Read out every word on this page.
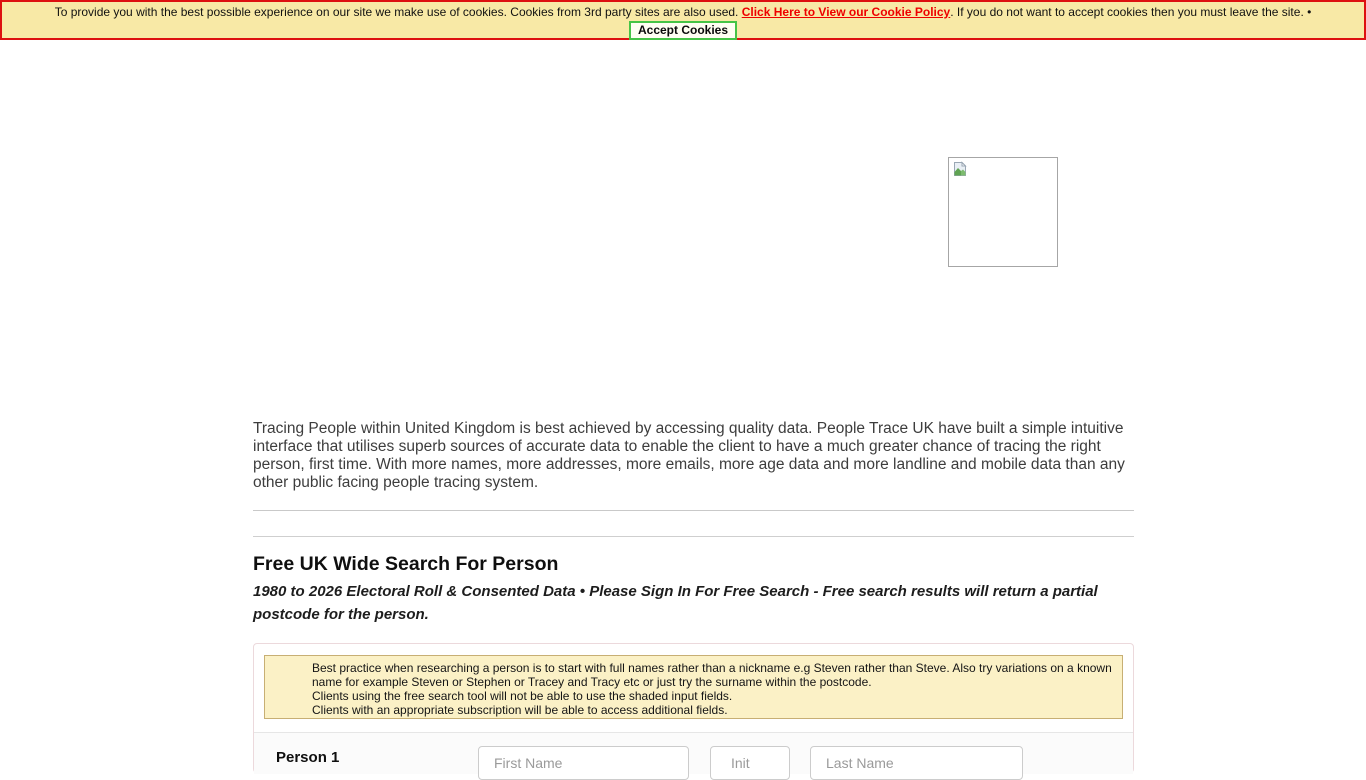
To provide you with the best possible experience on our site we make use of cookies. Cookies from 3rd party sites are also used. Click Here to View our Cookie Policy. If you do not want to accept cookies then you must leave the site. •
Accept Cookies
Tracing People within United Kingdom is best achieved by accessing quality data. People Trace UK have built a simple intuitive interface that utilises superb sources of accurate data to enable the client to have a much greater chance of tracing the right person, first time. With more names, more addresses, more emails, more age data and more landline and mobile data than any other public facing people tracing system.
Free UK Wide Search For Person
1980 to 2026 Electoral Roll & Consented Data • Please Sign In For Free Search - Free search results will return a partial postcode for the person.
Best practice when researching a person is to start with full names rather than a nickname e.g Steven rather than Steve. Also try variations on a known
name for example Steven or Stephen or Tracey and Tracy etc or just try the surname within the postcode.
Clients using the free search tool will not be able to use the shaded input fields.
Clients with an appropriate subscription will be able to access additional fields.
Person 1
First Name
Init
Last Name
